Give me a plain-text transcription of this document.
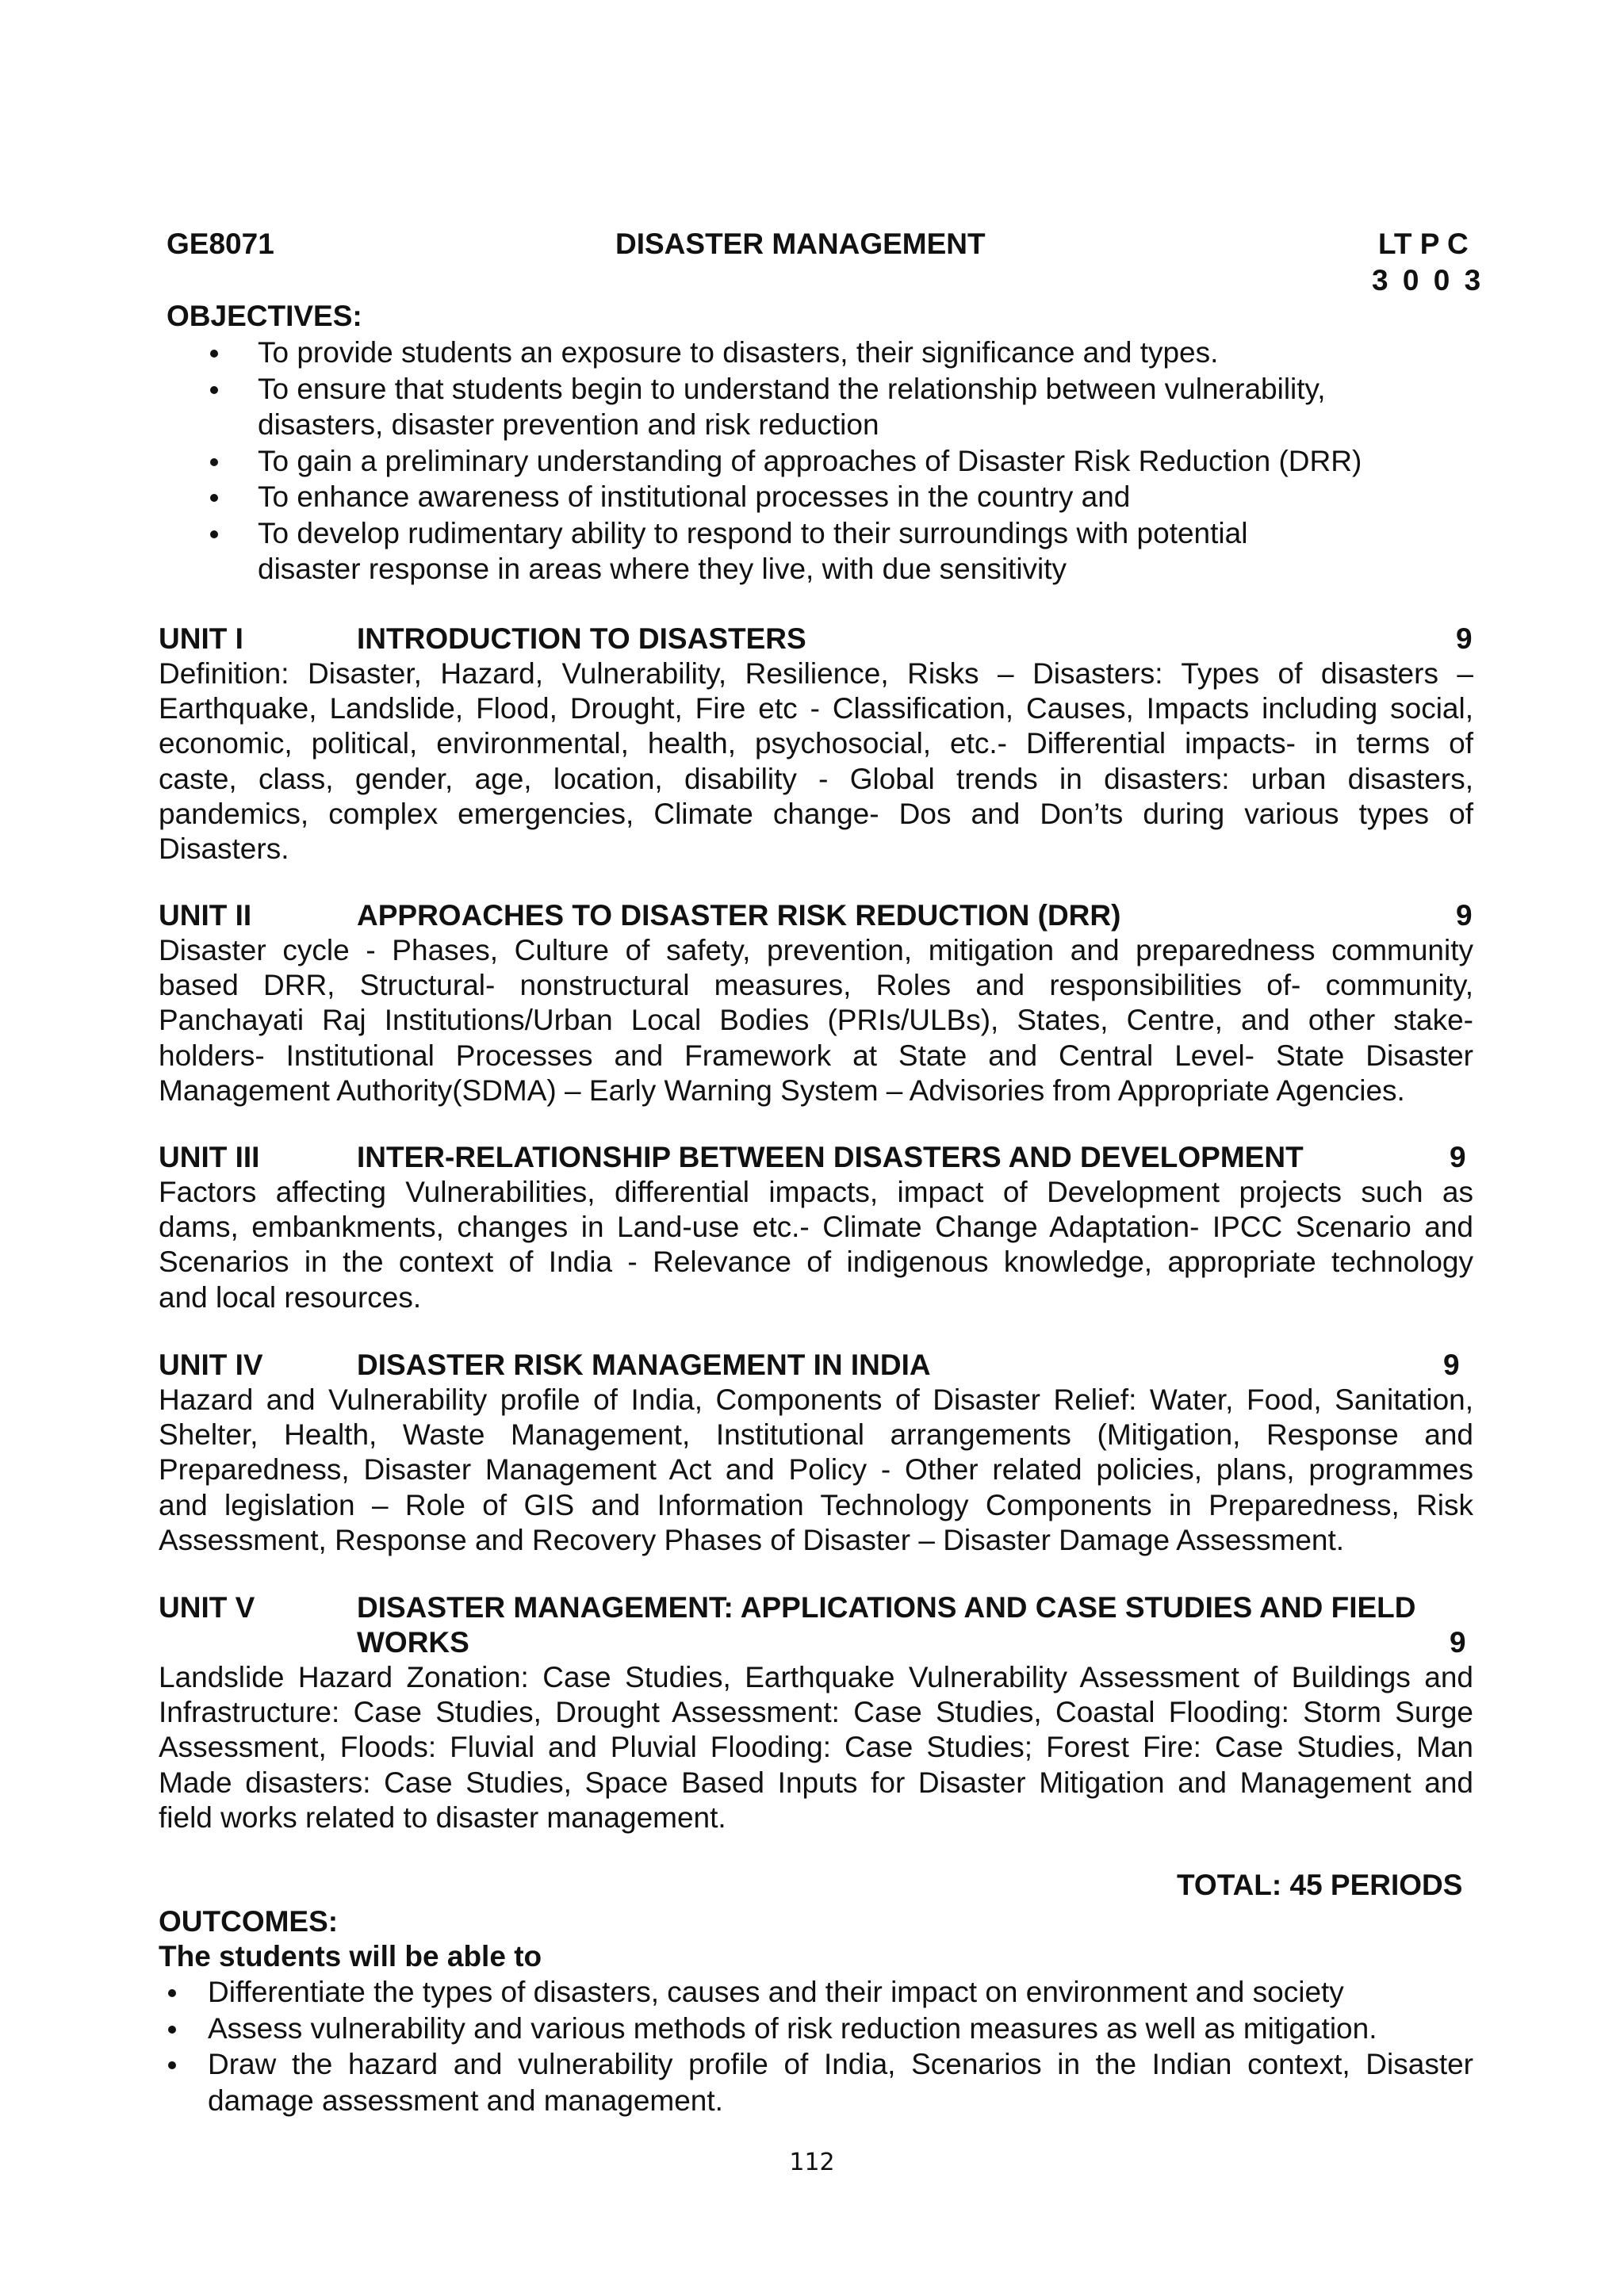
GE8071	DISASTER MANAGEMENT	LT P C
3 0 0 3
OBJECTIVES:
To provide students an exposure to disasters, their significance and types.
To ensure that students begin to understand the relationship between vulnerability,
disasters, disaster prevention and risk reduction
To gain a preliminary understanding of approaches of Disaster Risk Reduction (DRR)
To enhance awareness of institutional processes in the country and
To develop rudimentary ability to respond to their surroundings with potential
disaster response in areas where they live, with due sensitivity
UNIT I	INTRODUCTION TO DISASTERS	9
Definition: Disaster, Hazard, Vulnerability, Resilience, Risks – Disasters: Types of disasters –
Earthquake, Landslide, Flood, Drought, Fire etc - Classification, Causes, Impacts including social,
economic, political, environmental, health, psychosocial, etc.- Differential impacts- in terms of
caste, class, gender, age, location, disability - Global trends in disasters: urban disasters,
pandemics, complex emergencies, Climate change- Dos and Don’ts during various types of
Disasters.
UNIT II	APPROACHES TO DISASTER RISK REDUCTION (DRR)	9
Disaster cycle - Phases, Culture of safety, prevention, mitigation and preparedness community
based DRR, Structural- nonstructural measures, Roles and responsibilities of- community,
Panchayati Raj Institutions/Urban Local Bodies (PRIs/ULBs), States, Centre, and other stake-
holders- Institutional Processes and Framework at State and Central Level- State Disaster
Management Authority(SDMA) – Early Warning System – Advisories from Appropriate Agencies.
UNIT III	INTER-RELATIONSHIP BETWEEN DISASTERS AND DEVELOPMENT	9
Factors affecting Vulnerabilities, differential impacts, impact of Development projects such as
dams, embankments, changes in Land-use etc.- Climate Change Adaptation- IPCC Scenario and
Scenarios in the context of India - Relevance of indigenous knowledge, appropriate technology
and local resources.
UNIT IV	DISASTER RISK MANAGEMENT IN INDIA	9
Hazard and Vulnerability profile of India, Components of Disaster Relief: Water, Food, Sanitation,
Shelter, Health, Waste Management, Institutional arrangements (Mitigation, Response and
Preparedness, Disaster Management Act and Policy - Other related policies, plans, programmes
and legislation – Role of GIS and Information Technology Components in Preparedness, Risk
Assessment, Response and Recovery Phases of Disaster – Disaster Damage Assessment.
UNIT V	DISASTER MANAGEMENT: APPLICATIONS AND CASE STUDIES AND FIELD
WORKS	9
Landslide Hazard Zonation: Case Studies, Earthquake Vulnerability Assessment of Buildings and
Infrastructure: Case Studies, Drought Assessment: Case Studies, Coastal Flooding: Storm Surge
Assessment, Floods: Fluvial and Pluvial Flooding: Case Studies; Forest Fire: Case Studies, Man
Made disasters: Case Studies, Space Based Inputs for Disaster Mitigation and Management and
field works related to disaster management.
TOTAL: 45 PERIODS
OUTCOMES:
The students will be able to
Differentiate the types of disasters, causes and their impact on environment and society
Assess vulnerability and various methods of risk reduction measures as well as mitigation.
Draw the hazard and vulnerability profile of India, Scenarios in the Indian context, Disaster
damage assessment and management.
112
